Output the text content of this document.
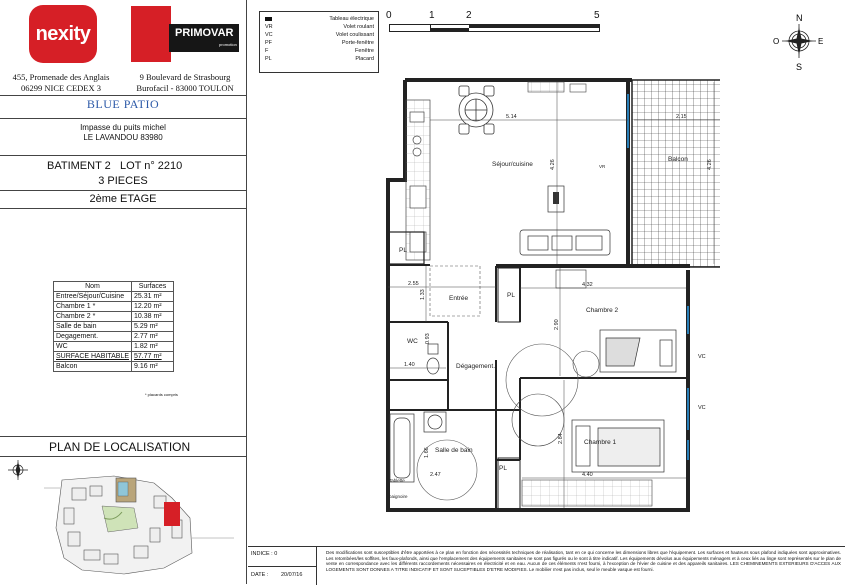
nexity	PRIMOVAR
promotion
455, Promenade des Anglais
06299 NICE CEDEX 3
9 Boulevard de Strasbourg
Burofacil - 83000 TOULON
BLUE PATIO
Impasse du puits michel
LE LAVANDOU 83980
BATIMENT 2 LOT n° 2210
3 PIECES
2ème ETAGE
Nom	Surfaces
Entree/Séjour/Cuisine	25.31 m²
Chambre 1 *	12.20 m²
Chambre 2 *	10.38 m²
Salle de bain	5.29 m²
Degagement.	2.77 m²
WC	1.82 m²
SURFACE HABITABLE	57.77 m²
Balcon	9.16 m²
* placards compris
PLAN DE LOCALISATION
VR
VC
PF
F
PL
Tableau électrique
Volet roulant
Volet coulissant
Porte-fenêtre
Fenêtre
Placard
0	1	2	5	N
S
E
O
Séjour/cuisine
Balcon
Entrée
Chambre 2
Chambre 1
WC
Dégagement.
Salle de bain
PL
PL
PL
VR
Tablette
baignoire
5.14
4.26
2.15
4.26
2.55
1.33
4.32
2.90
0.93
1.40
2.84
4.40
2.47
1.66
VC
VC
INDICE : 0
DATE : 20/07/16
Des modifications sont susceptibles d'être apportées à ce plan en fonction des nécessités techniques de réalisation, tant en ce qui concerne les dimensions libres que l'équipement. Les surfaces et hauteurs sous plafond indiquées sont approximatives. Les retombées/les soffites, les faux-plafonds, ainsi que l'emplacement des équipements sanitaires ne sont pas figurés ou le sont à titre indicatif. Les équipements dévolus aux équipements ménagers et à ceux liés au linge sont représentés sur le plan de vente en correspondance avec les différents raccordements nécessaires en électricité et en eau. Aucun de ces éléments n'est fourni, à l'exception de l'évier de cuisine et des appareils sanitaires. LES CHEMINEMENTS EXTERIEURS D'ACCES AUX LOGEMENTS SONT DONNES A TITRE INDICATIF ET SONT SUCEPTIBLES D'ETRE MODIFIES. Le mobilier n'est pas inclus, seul le meuble vasque est fourni.
